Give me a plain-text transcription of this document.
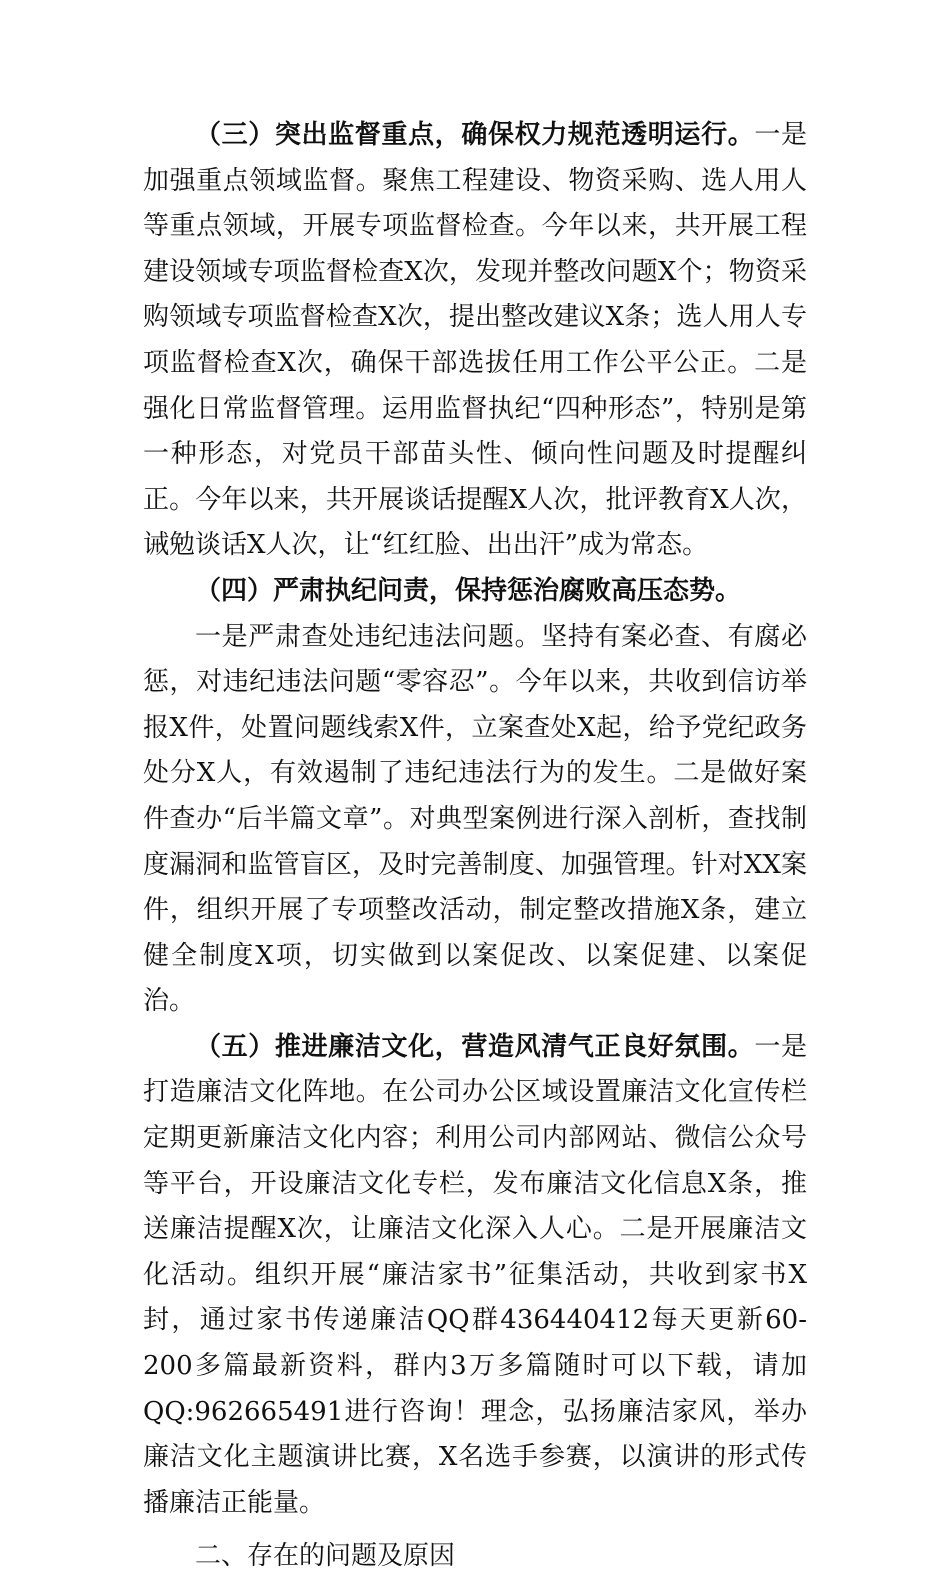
（三）突出监督重点，确保权力规范透明运行。一是加强重点领域监督。聚焦工程建设、物资采购、选人用人等重点领域，开展专项监督检查。今年以来，共开展工程建设领域专项监督检查X次，发现并整改问题X个；物资采购领域专项监督检查X次，提出整改建议X条；选人用人专项监督检查X次，确保干部选拔任用工作公平公正。二是强化日常监督管理。运用监督执纪“四种形态”，特别是第一种形态，对党员干部苗头性、倾向性问题及时提醒纠正。今年以来，共开展谈话提醒X人次，批评教育X人次，诫勉谈话X人次，让“红红脸、出出汗”成为常态。

（四）严肃执纪问责，保持惩治腐败高压态势。

一是严肃查处违纪违法问题。坚持有案必查、有腐必惩，对违纪违法问题“零容忍”。今年以来，共收到信访举报X件，处置问题线索X件，立案查处X起，给予党纪政务处分X人，有效遏制了违纪违法行为的发生。二是做好案件查办“后半篇文章”。对典型案例进行深入剖析，查找制度漏洞和监管盲区，及时完善制度、加强管理。针对XX案件，组织开展了专项整改活动，制定整改措施X条，建立健全制度X项，切实做到以案促改、以案促建、以案促治。

（五）推进廉洁文化，营造风清气正良好氛围。一是打造廉洁文化阵地。在公司办公区域设置廉洁文化宣传栏定期更新廉洁文化内容；利用公司内部网站、微信公众号等平台，开设廉洁文化专栏，发布廉洁文化信息X条，推送廉洁提醒X次，让廉洁文化深入人心。二是开展廉洁文化活动。组织开展“廉洁家书”征集活动，共收到家书X封，通过家书传递廉洁QQ群436440412每天更新60-200多篇最新资料，群内3万多篇随时可以下载，请加QQ:962665491进行咨询！理念，弘扬廉洁家风，举办廉洁文化主题演讲比赛，X名选手参赛，以演讲的形式传播廉洁正能量。

二、存在的问题及原因
